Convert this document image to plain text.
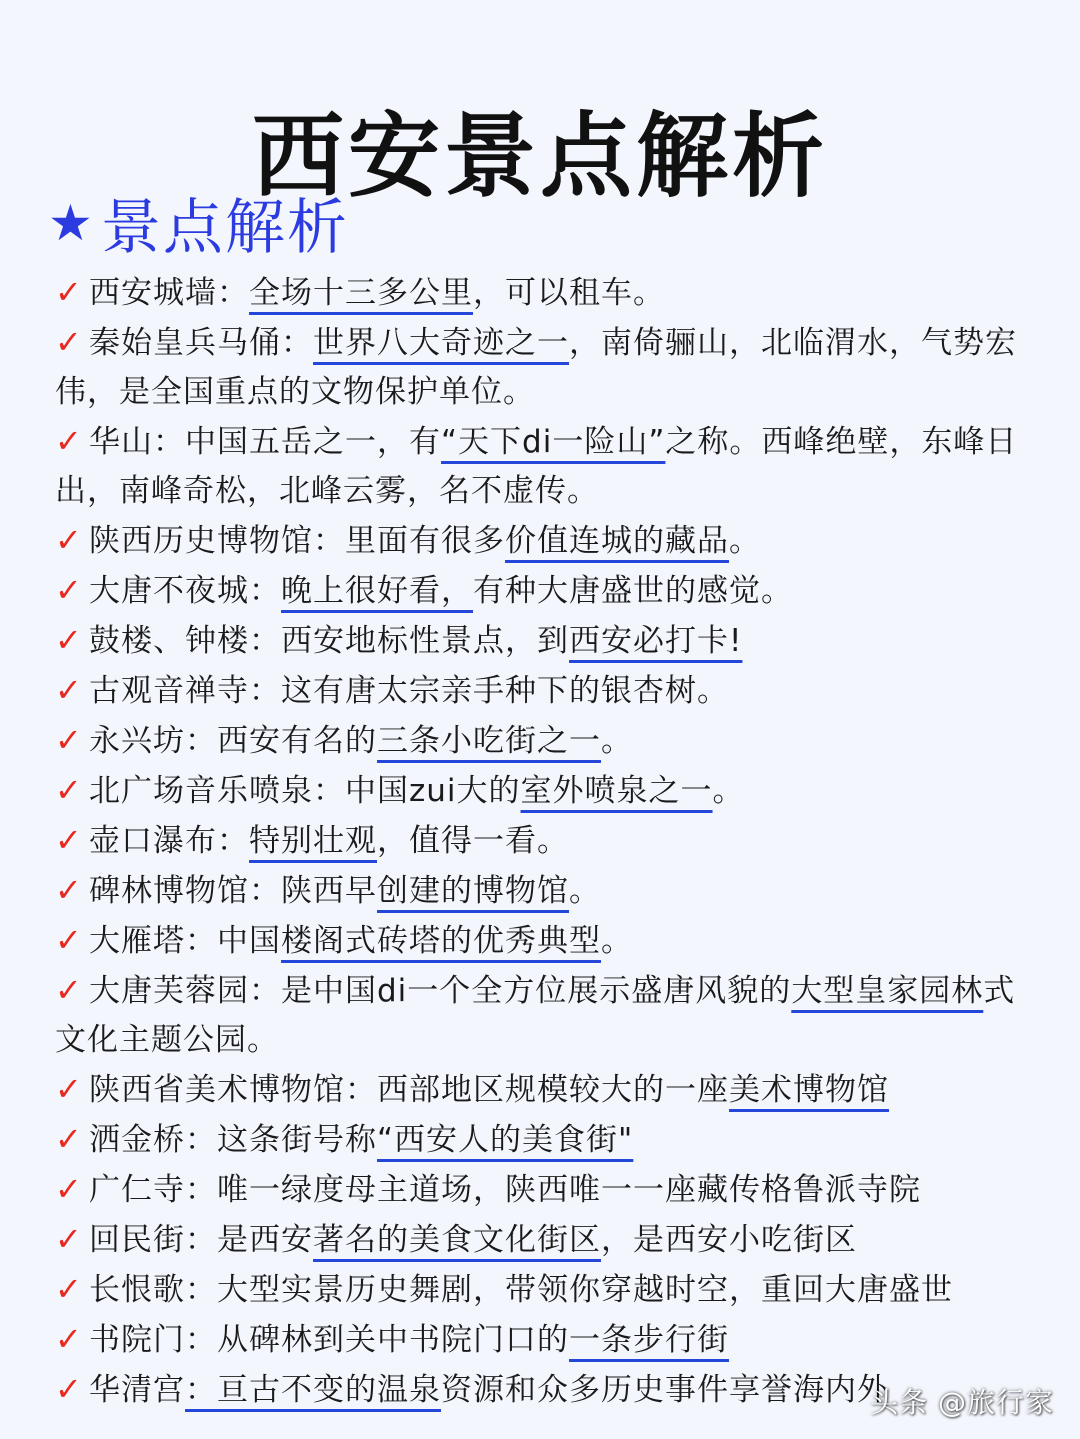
西安景点解析
★ 景点解析
✓ 西安城墙：全场十三多公里，可以租车。
✓ 秦始皇兵马俑：世界八大奇迹之一，南倚骊山，北临渭水，气势宏伟，是全国重点的文物保护单位。
✓ 华山：中国五岳之一，有“天下di一险山”之称。西峰绝壁，东峰日出，南峰奇松，北峰云雾，名不虚传。
✓ 陕西历史博物馆：里面有很多价值连城的藏品。
✓ 大唐不夜城：晚上很好看，有种大唐盛世的感觉。
✓ 鼓楼、钟楼：西安地标性景点，到西安必打卡!
✓ 古观音禅寺：这有唐太宗亲手种下的银杏树。
✓ 永兴坊：西安有名的三条小吃街之一。
✓ 北广场音乐喷泉：中国zui大的室外喷泉之一。
✓ 壶口瀑布：特别壮观，值得一看。
✓ 碑林博物馆：陕西早创建的博物馆。
✓ 大雁塔：中国楼阁式砖塔的优秀典型。
✓ 大唐芙蓉园：是中国di一个全方位展示盛唐风貌的大型皇家园林式文化主题公园。
✓ 陕西省美术博物馆：西部地区规模较大的一座美术博物馆
✓ 洒金桥：这条街号称“西安人的美食街"
✓ 广仁寺：唯一绿度母主道场，陕西唯一一座藏传格鲁派寺院
✓ 回民街：是西安著名的美食文化街区，是西安小吃街区
✓ 长恨歌：大型实景历史舞剧，带领你穿越时空，重回大唐盛世
✓ 书院门：从碑林到关中书院门口的一条步行街
✓ 华清宫：亘古不变的温泉资源和众多历史事件享誉海内外
头条 @旅行家
